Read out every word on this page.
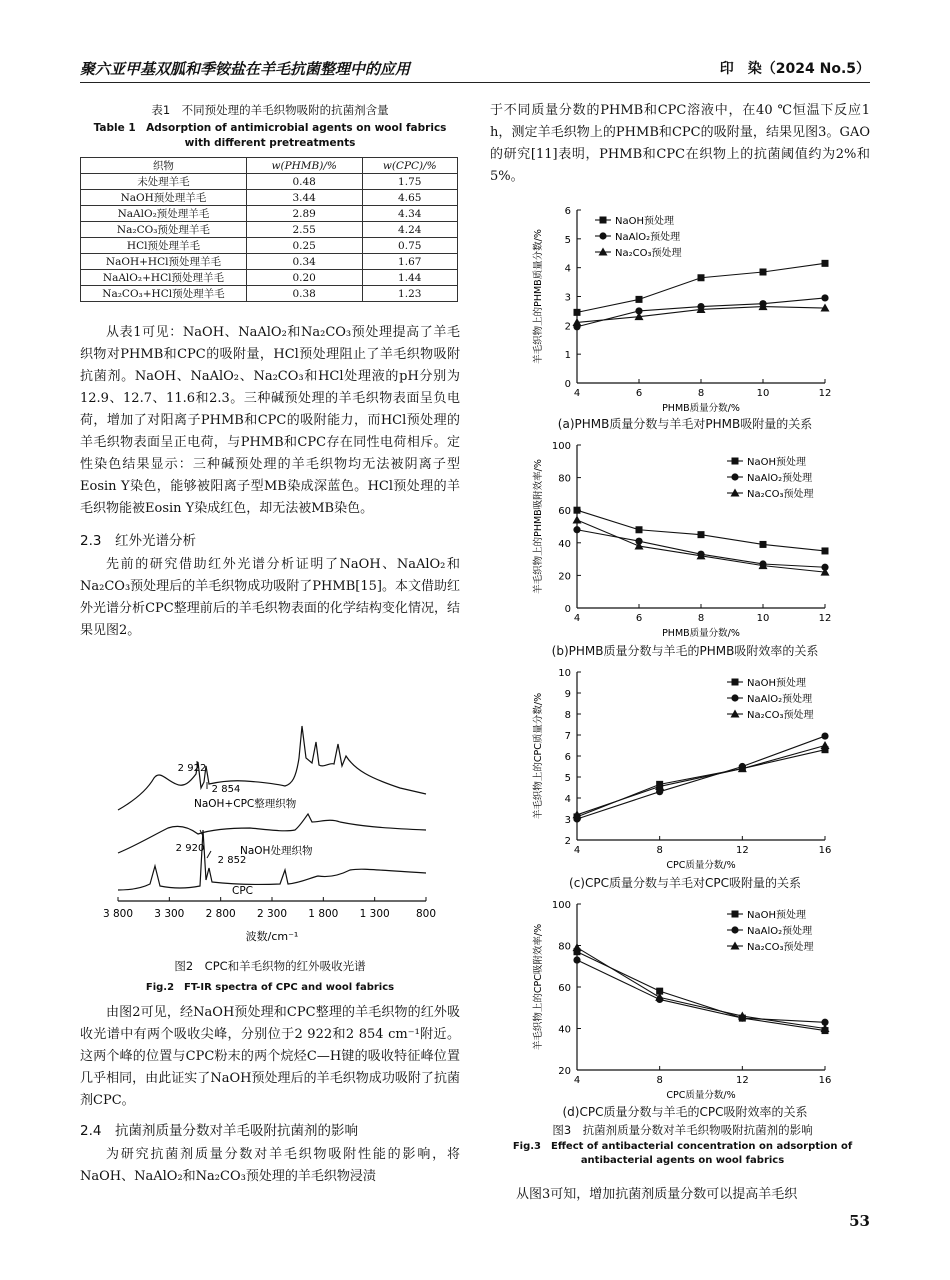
聚六亚甲基双胍和季铵盐在羊毛抗菌整理中的应用	印　染（2024 No.5）
表1　不同预处理的羊毛织物吸附的抗菌剂含量
Table 1　Adsorption of antimicrobial agents on wool fabrics with different pretreatments
织物	w(PHMB)/%	w(CPC)/%
未处理羊毛	0.48	1.75
NaOH预处理羊毛	3.44	4.65
NaAlO₂预处理羊毛	2.89	4.34
Na₂CO₃预处理羊毛	2.55	4.24
HCl预处理羊毛	0.25	0.75
NaOH+HCl预处理羊毛	0.34	1.67
NaAlO₂+HCl预处理羊毛	0.20	1.44
Na₂CO₃+HCl预处理羊毛	0.38	1.23

从表1可见：NaOH、NaAlO₂和Na₂CO₃预处理提高了羊毛织物对PHMB和CPC的吸附量，HCl预处理阻止了羊毛织物吸附抗菌剂。NaOH、NaAlO₂、Na₂CO₃和HCl处理液的pH分别为12.9、12.7、11.6和2.3。三种碱预处理的羊毛织物表面呈负电荷，增加了对阳离子PHMB和CPC的吸附能力，而HCl预处理的羊毛织物表面呈正电荷，与PHMB和CPC存在同性电荷相斥。定性染色结果显示：三种碱预处理的羊毛织物均无法被阴离子型Eosin Y染色，能够被阳离子型MB染成深蓝色。HCl预处理的羊毛织物能被Eosin Y染成红色，却无法被MB染色。

2.3　红外光谱分析

先前的研究借助红外光谱分析证明了NaOH、NaAlO₂和Na₂CO₃预处理后的羊毛织物成功吸附了PHMB[15]。本文借助红外光谱分析CPC整理前后的羊毛织物表面的化学结构变化情况，结果见图2。

2 922
2 854
2 920
2 852
NaOH+CPC整理织物
NaOH处理织物
CPC
3 800 3 300 2 800 2 300 1 800 1 300	800
波数/cm⁻¹
图2　CPC和羊毛织物的红外吸收光谱
Fig.2　FT-IR spectra of CPC and wool fabrics

由图2可见，经NaOH预处理和CPC整理的羊毛织物的红外吸收光谱中有两个吸收尖峰，分别位于2 922和2 854 cm⁻¹附近。这两个峰的位置与CPC粉末的两个烷烃C—H键的吸收特征峰位置几乎相同，由此证实了NaOH预处理后的羊毛织物成功吸附了抗菌剂CPC。

2.4　抗菌剂质量分数对羊毛吸附抗菌剂的影响

为研究抗菌剂质量分数对羊毛织物吸附性能的影响，将NaOH、NaAlO₂和Na₂CO₃预处理的羊毛织物浸渍

于不同质量分数的PHMB和CPC溶液中，在40 ℃恒温下反应1 h，测定羊毛织物上的PHMB和CPC的吸附量，结果见图3。GAO的研究[11]表明，PHMB和CPC在织物上的抗菌阈值约为2%和5%。

0
1
2
3
4
5
6
4	6	8	10	12
PHMB质量分数/%
羊毛织物上的PHMB质量分数/%
NaOH预处理
NaAlO₂预处理
Na₂CO₃预处理
(a)PHMB质量分数与羊毛对PHMB吸附量的关系
0
20
40
60
80
100
4	6	8	10	12
PHMB质量分数/%
羊毛织物上的PHMB吸附效率/%	NaOH预处理
NaAlO₂预处理
Na₂CO₃预处理
(b)PHMB质量分数与羊毛的PHMB吸附效率的关系
2
3
4
5
6
7
8
9
10
4	8	12	16
CPC质量分数/%
羊毛织物上的CPC质量分数/%
NaOH预处理
NaAlO₂预处理
Na₂CO₃预处理
(c)CPC质量分数与羊毛对CPC吸附量的关系
20
40
60
80
100
4	8	12	16
CPC质量分数/%
羊毛织物上的CPC吸附效率/%
NaOH预处理
NaAlO₂预处理
Na₂CO₃预处理
(d)CPC质量分数与羊毛的CPC吸附效率的关系
图3　抗菌剂质量分数对羊毛织物吸附抗菌剂的影响
Fig.3　Effect of antibacterial concentration on adsorption of antibacterial agents on wool fabrics

从图3可知，增加抗菌剂质量分数可以提高羊毛织

53
